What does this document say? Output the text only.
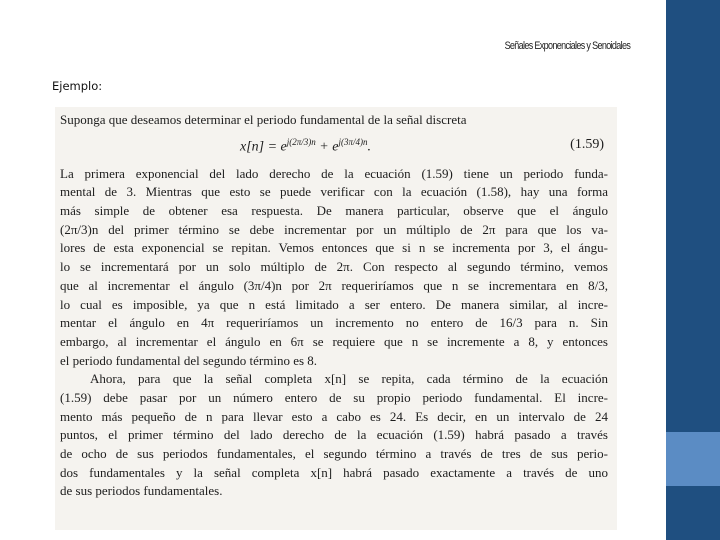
Señales Exponenciales y Senoidales
Ejemplo:
Suponga que deseamos determinar el periodo fundamental de la señal discreta
$x[n] = e^{j(2\pi/3)n} + e^{j(3\pi/4)n}$.	(1.59)
La primera exponencial del lado derecho de la ecuación (1.59) tiene un periodo funda-
mental de 3. Mientras que esto se puede verificar con la ecuación (1.58), hay una forma
más simple de obtener esa respuesta. De manera particular, observe que el ángulo
(2π/3)n del primer término se debe incrementar por un múltiplo de 2π para que los va-
lores de esta exponencial se repitan. Vemos entonces que si n se incrementa por 3, el ángu-
lo se incrementará por un solo múltiplo de 2π. Con respecto al segundo término, vemos
que al incrementar el ángulo (3π/4)n por 2π requeriríamos que n se incrementara en 8/3,
lo cual es imposible, ya que n está limitado a ser entero. De manera similar, al incre-
mentar el ángulo en 4π requeriríamos un incremento no entero de 16/3 para n. Sin
embargo, al incrementar el ángulo en 6π se requiere que n se incremente a 8, y entonces
el periodo fundamental del segundo término es 8.
Ahora, para que la señal completa x[n] se repita, cada término de la ecuación
(1.59) debe pasar por un número entero de su propio periodo fundamental. El incre-
mento más pequeño de n para llevar esto a cabo es 24. Es decir, en un intervalo de 24
puntos, el primer término del lado derecho de la ecuación (1.59) habrá pasado a través
de ocho de sus periodos fundamentales, el segundo término a través de tres de sus perio-
dos fundamentales y la señal completa x[n] habrá pasado exactamente a través de uno
de sus periodos fundamentales.
